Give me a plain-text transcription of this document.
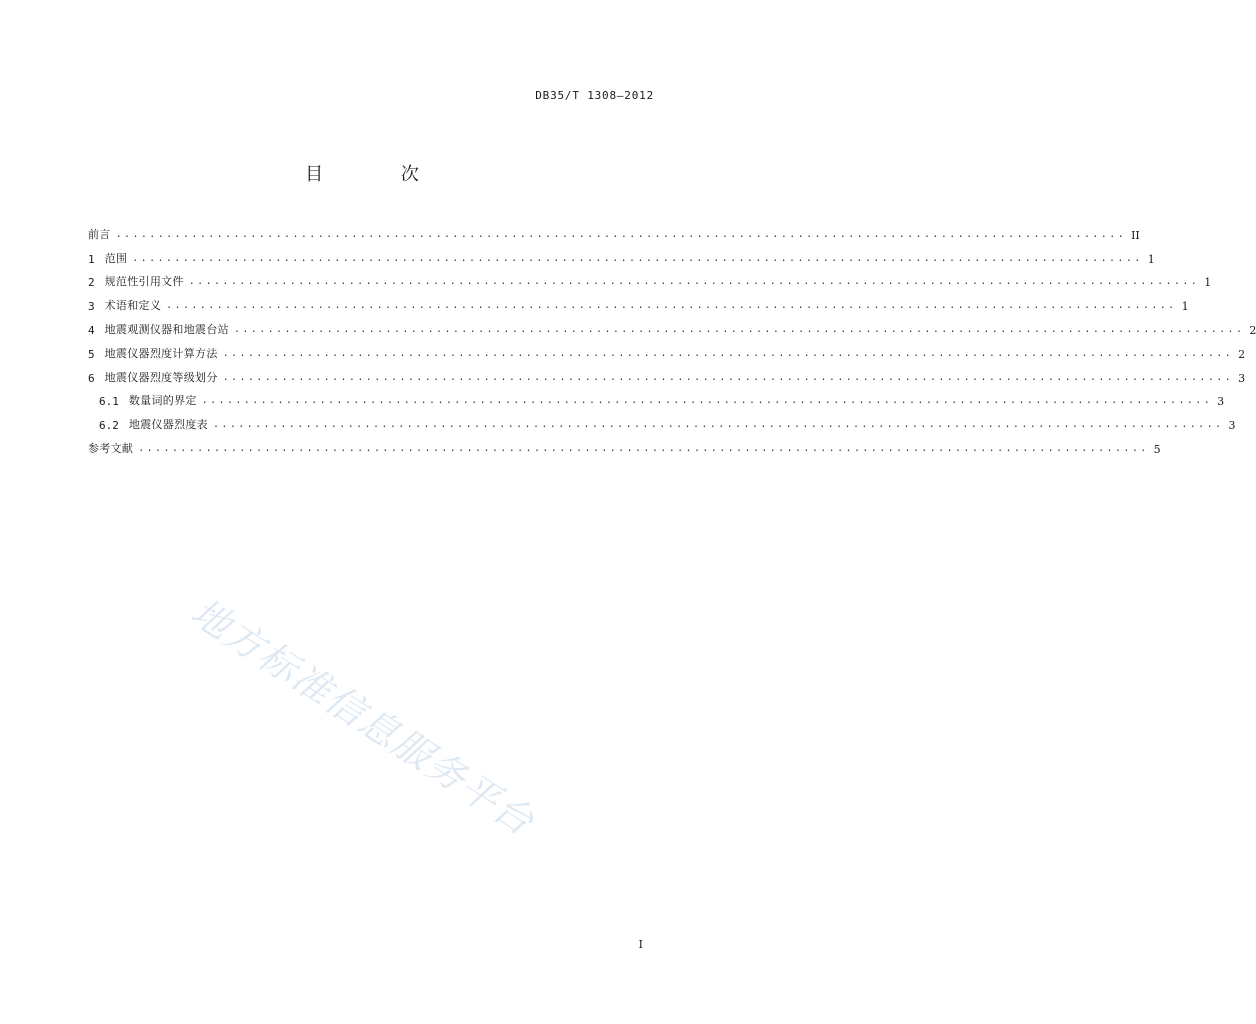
DB35/T 1308—2012
目 次
前言 ........................................................................................................................ II
1 范围 ........................................................................................................................ 1
2 规范性引用文件 ........................................................................................................................ 1
3 术语和定义 ........................................................................................................................ 1
4 地震观测仪器和地震台站 ........................................................................................................................ 2
5 地震仪器烈度计算方法 ........................................................................................................................ 2
6 地震仪器烈度等级划分 ........................................................................................................................ 3
6.1 数量词的界定 ........................................................................................................................ 3
6.2 地震仪器烈度表 ........................................................................................................................ 3
参考文献 ........................................................................................................................ 5
地方标准信息服务平台
I
